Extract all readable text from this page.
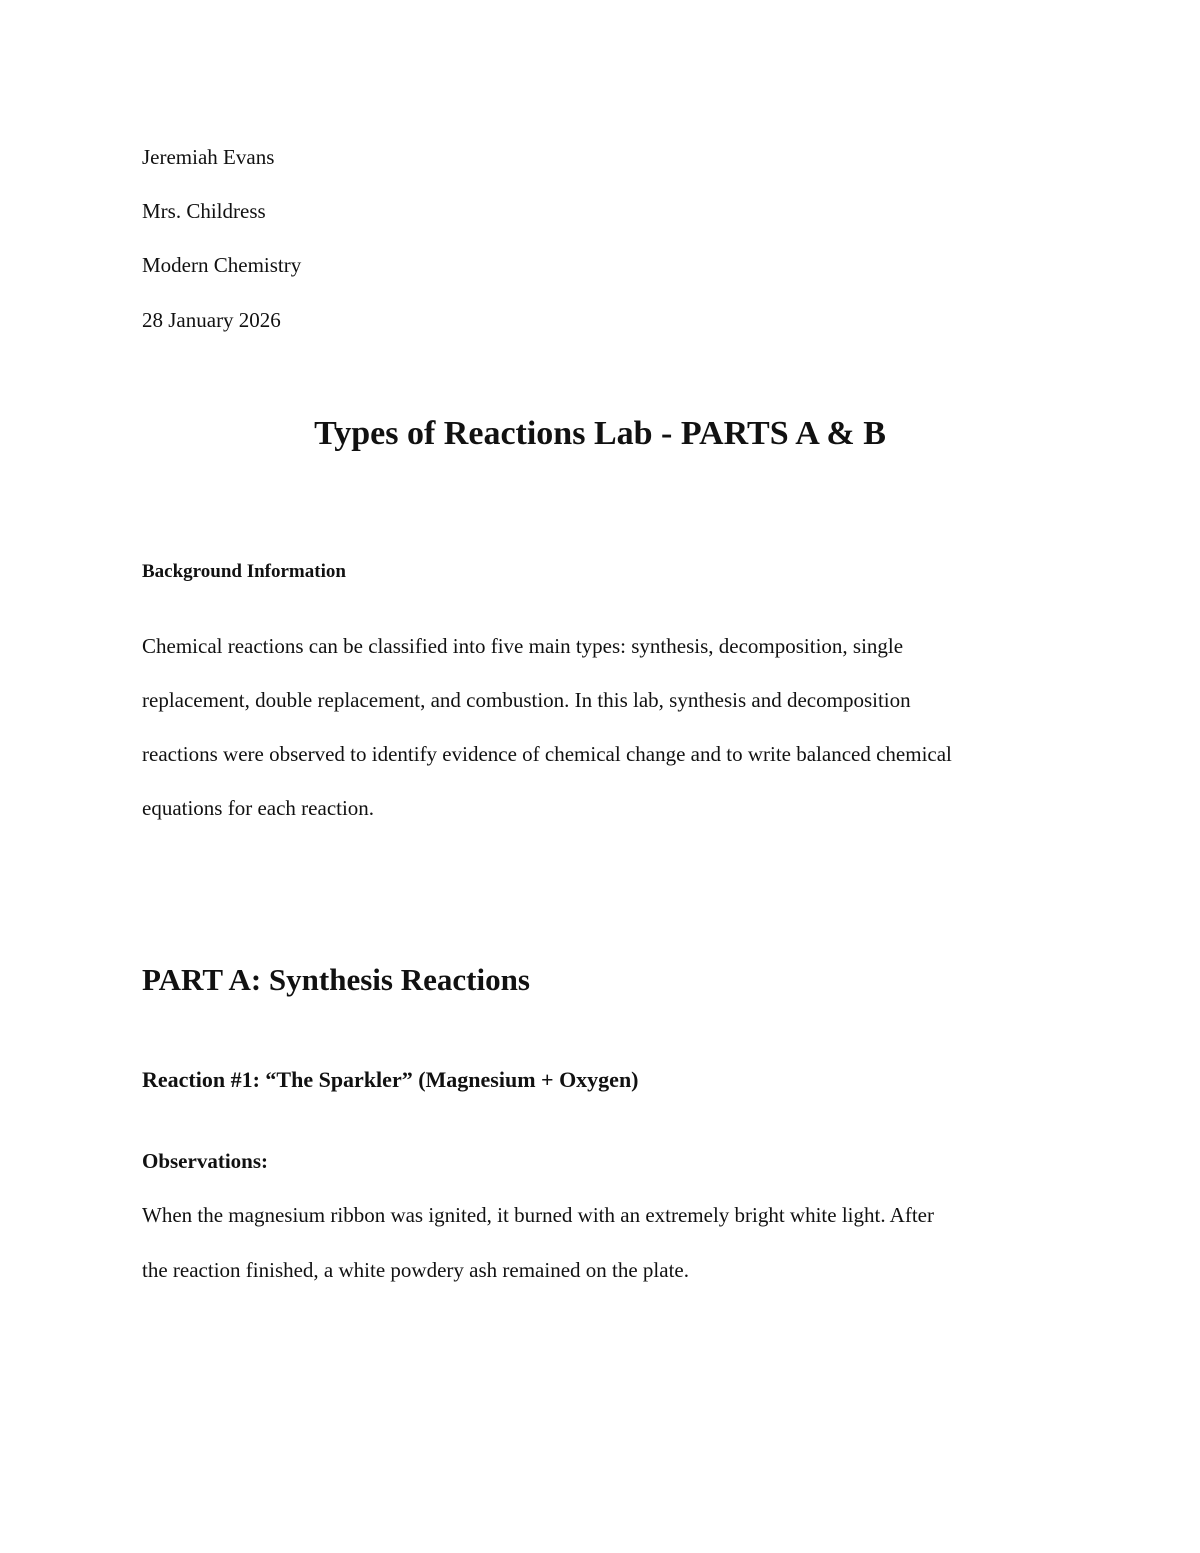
Jeremiah Evans
Mrs. Childress
Modern Chemistry
28 January 2026
Types of Reactions Lab - PARTS A & B
Background Information
Chemical reactions can be classified into five main types: synthesis, decomposition, single
replacement, double replacement, and combustion. In this lab, synthesis and decomposition
reactions were observed to identify evidence of chemical change and to write balanced chemical
equations for each reaction.
PART A: Synthesis Reactions
Reaction #1: “The Sparkler” (Magnesium + Oxygen)
Observations:
When the magnesium ribbon was ignited, it burned with an extremely bright white light. After
the reaction finished, a white powdery ash remained on the plate.
